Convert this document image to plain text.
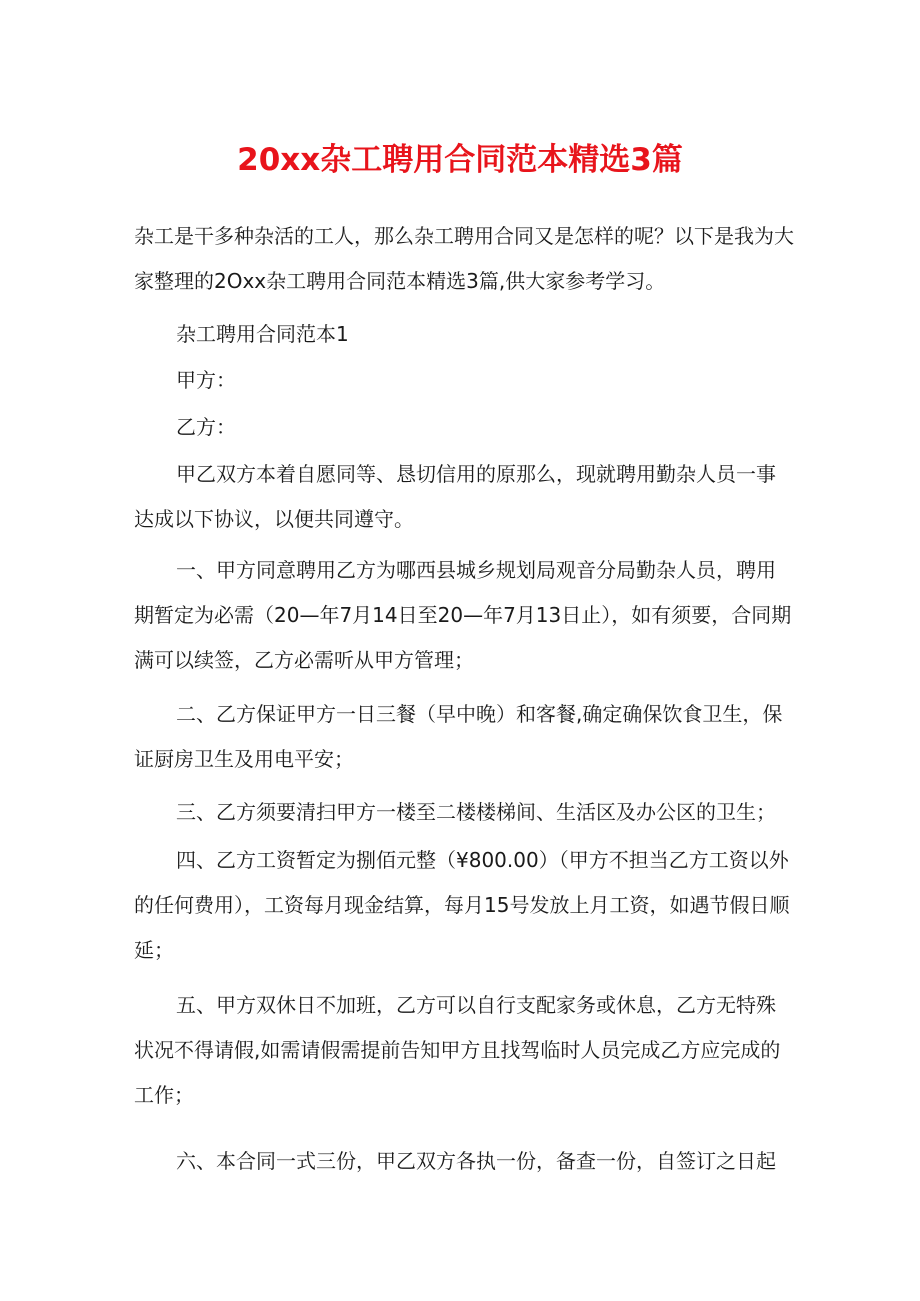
20xx杂工聘用合同范本精选3篇

杂工是干多种杂活的工人，那么杂工聘用合同又是怎样的呢？以下是我为大家整理的2Oxx杂工聘用合同范本精选3篇,供大家参考学习。

杂工聘用合同范本1

甲方：

乙方：

甲乙双方本着自愿同等、恳切信用的原那么，现就聘用勤杂人员一事达成以下协议，以便共同遵守。

一、甲方同意聘用乙方为哪西县城乡规划局观音分局勤杂人员，聘用期暂定为必需（20—年7月14日至20—年7月13日止），如有须要，合同期满可以续签，乙方必需听从甲方管理；

二、乙方保证甲方一日三餐（早中晚）和客餐,确定确保饮食卫生，保证厨房卫生及用电平安；

三、乙方须要清扫甲方一楼至二楼楼梯间、生活区及办公区的卫生；

四、乙方工资暂定为捌佰元整（¥800.00）（甲方不担当乙方工资以外的任何费用），工资每月现金结算，每月15号发放上月工资，如遇节假日顺延；

五、甲方双休日不加班，乙方可以自行支配家务或休息，乙方无特殊状况不得请假,如需请假需提前告知甲方且找驾临时人员完成乙方应完成的工作；

六、本合同一式三份，甲乙双方各执一份，备查一份，自签订之日起
